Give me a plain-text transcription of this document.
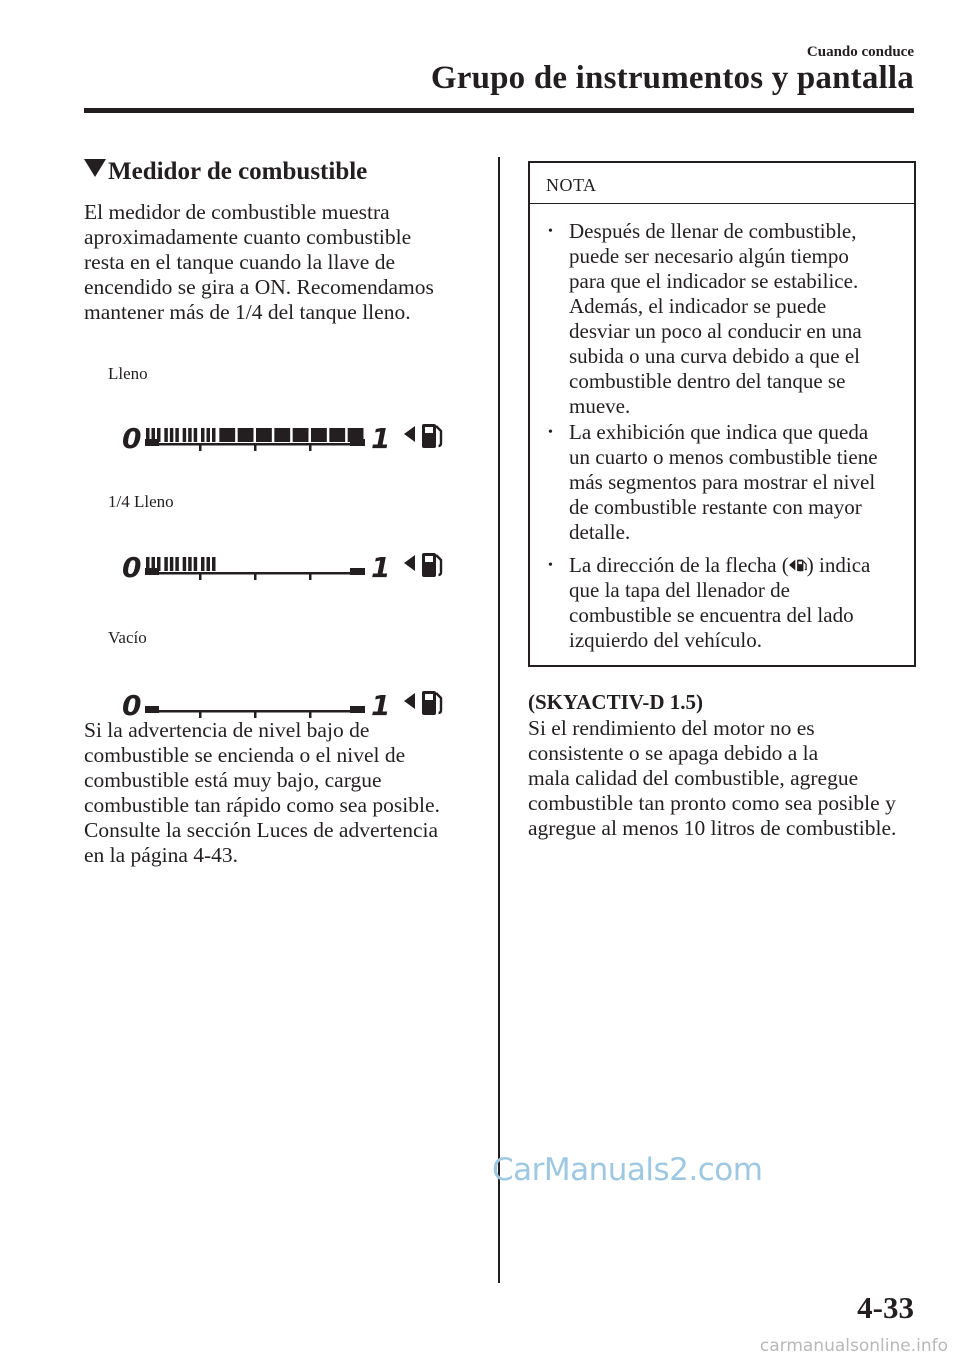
Cuando conduce
Grupo de instrumentos y pantalla
Medidor de combustible
El medidor de combustible muestra
aproximadamente cuanto combustible
resta en el tanque cuando la llave de
encendido se gira a ON. Recomendamos
mantener más de 1/4 del tanque lleno.
Lleno
0	1
1/4 Lleno
0	1
Vacío
0	1
Si la advertencia de nivel bajo de
combustible se encienda o el nivel de
combustible está muy bajo, cargue
combustible tan rápido como sea posible.
Consulte la sección Luces de advertencia
en la página 4-43.
NOTA
• Después de llenar de combustible,
puede ser necesario algún tiempo
para que el indicador se estabilice.
Además, el indicador se puede
desviar un poco al conducir en una
subida o una curva debido a que el
combustible dentro del tanque se
mueve.
• La exhibición que indica que queda
un cuarto o menos combustible tiene
más segmentos para mostrar el nivel
de combustible restante con mayor
detalle.
• La dirección de la flecha ( ) indica
que la tapa del llenador de
combustible se encuentra del lado
izquierdo del vehículo.
(SKYACTIV-D 1.5)
Si el rendimiento del motor no es
consistente o se apaga debido a la
mala calidad del combustible, agregue
combustible tan pronto como sea posible y
agregue al menos 10 litros de combustible.
CarManuals2.com
4-33
carmanualsonline.info
